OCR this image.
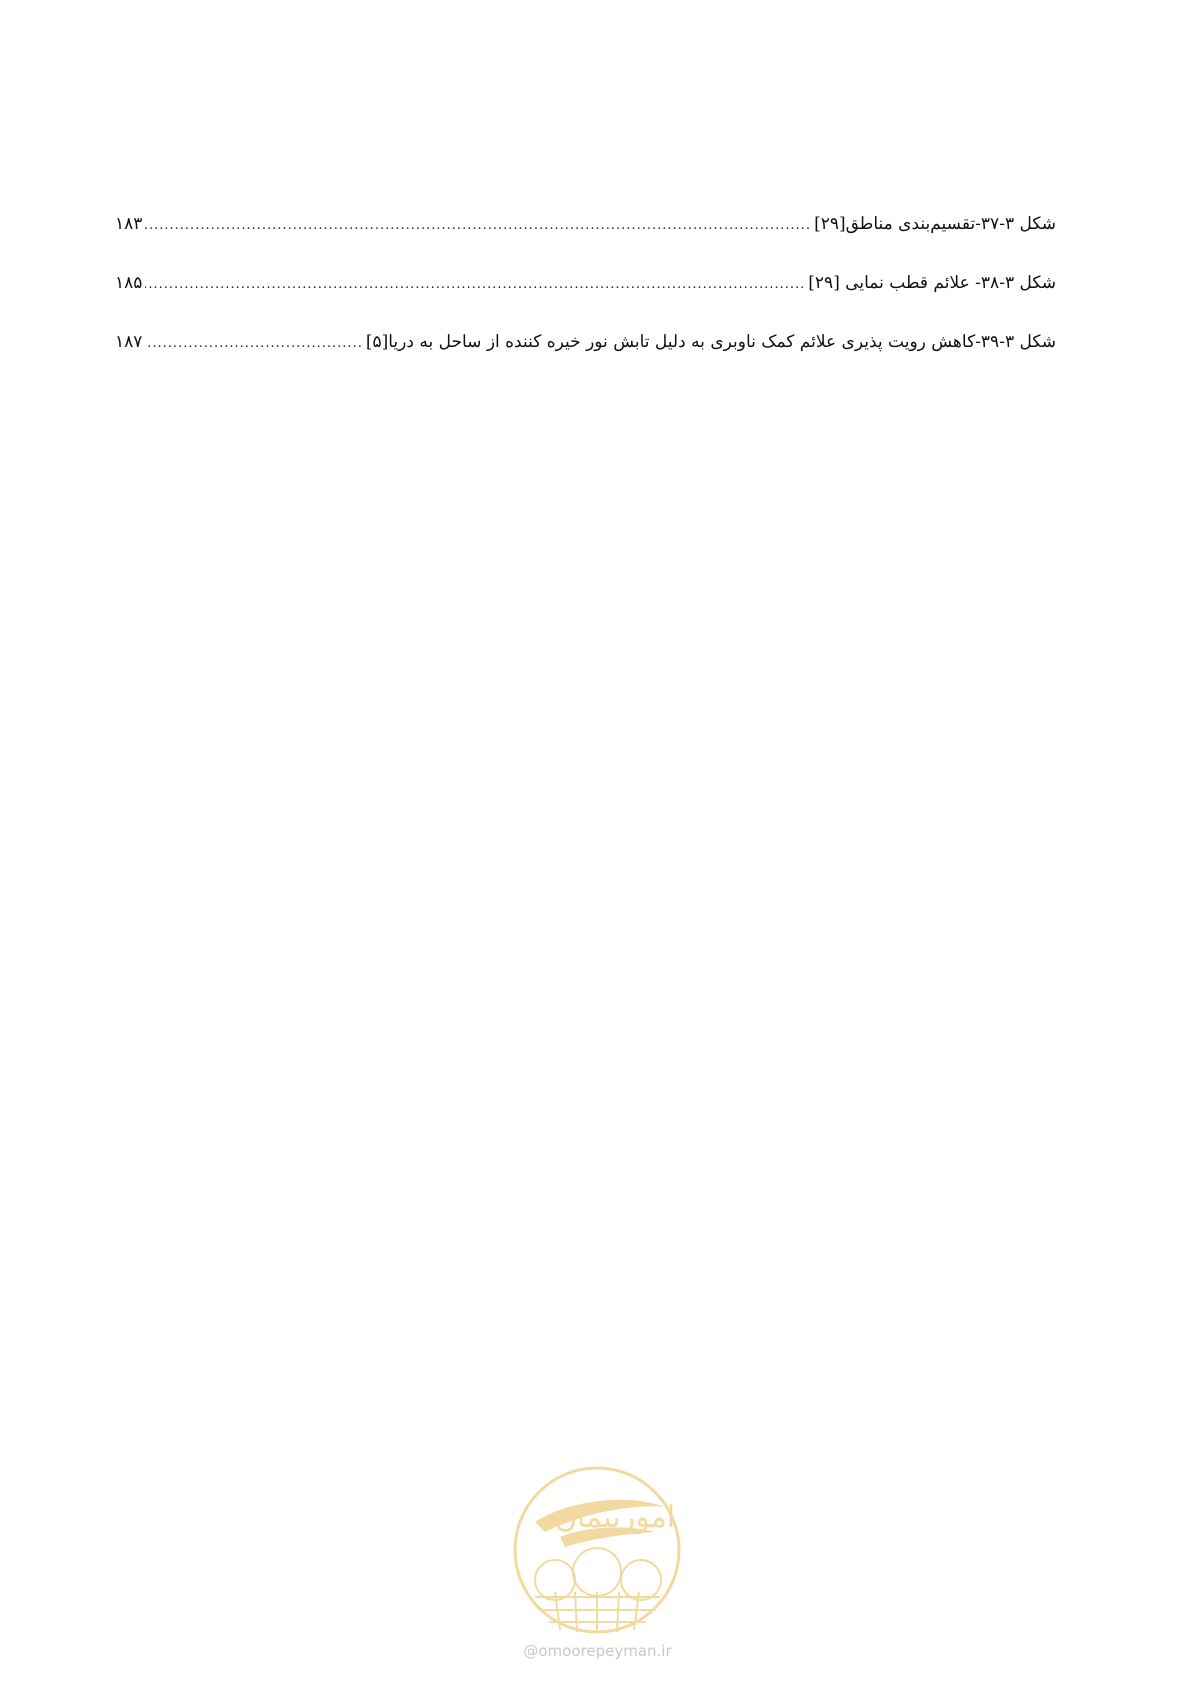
شکل ۳-۳۷-تقسیم‌بندی مناطق[۲۹]
.....
۱۸۳
شکل ۳-۳۸- علائم قطب نمایی [۲۹]
.....
۱۸۵
شکل ۳-۳۹-کاهش رویت پذیری علائم کمک ناوبری به دلیل تابش نور خیره کننده از ساحل به دریا[۵]
.....
۱۸۷
امورپیمان
@omoorepeyman.ir
